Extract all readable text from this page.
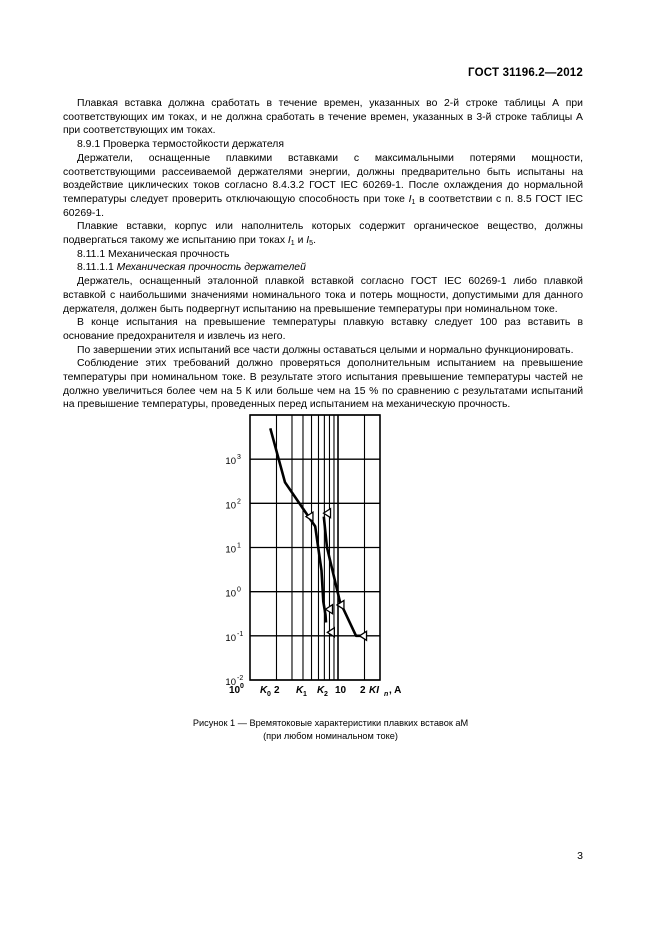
ГОСТ 31196.2—2012

Плавкая вставка должна сработать в течение времен, указанных во 2-й строке таблицы А при соответствующих им токах, и не должна сработать в течение времен, указанных в 3-й строке таблицы А при соответствующих им токах.

8.9.1 Проверка термостойкости держателя

Держатели, оснащенные плавкими вставками с максимальными потерями мощности, соответствующими рассеиваемой держателями энергии, должны предварительно быть испытаны на воздействие циклических токов согласно 8.4.3.2 ГОСТ IEC 60269-1. После охлаждения до нормальной температуры следует проверить отключающую способность при токе $I_1$ в соответствии с п. 8.5 ГОСТ IEC 60269-1.

Плавкие вставки, корпус или наполнитель которых содержит органическое вещество, должны подвергаться такому же испытанию при токах $I_1$ и $I_5$.

8.11.1 Механическая прочность

8.11.1.1 Механическая прочность держателей

Держатель, оснащенный эталонной плавкой вставкой согласно ГОСТ IEC 60269-1 либо плавкой вставкой с наибольшими значениями номинального тока и потерь мощности, допустимыми для данного держателя, должен быть подвергнут испытанию на превышение температуры при номинальном токе.

В конце испытания на превышение температуры плавкую вставку следует 100 раз вставить в основание предохранителя и извлечь из него.

По завершении этих испытаний все части должны оставаться целыми и нормально функционировать.

Соблюдение этих требований должно проверяться дополнительным испытанием на превышение температуры при номинальном токе. В результате этого испытания превышение температуры частей не должно увеличиться более чем на 5 К или больше чем на 15 % по сравнению с результатами испытаний на превышение температуры, проведенных перед испытанием на механическую прочность.

10 3
10 2
10 1
10 0
10 -1
10 -2
10 0 K 0 2 K 1 K 2 10 2 KI n , A
Рисунок 1 — Времятоковые характеристики плавких вставок aM
(при любом номинальном токе)
3
